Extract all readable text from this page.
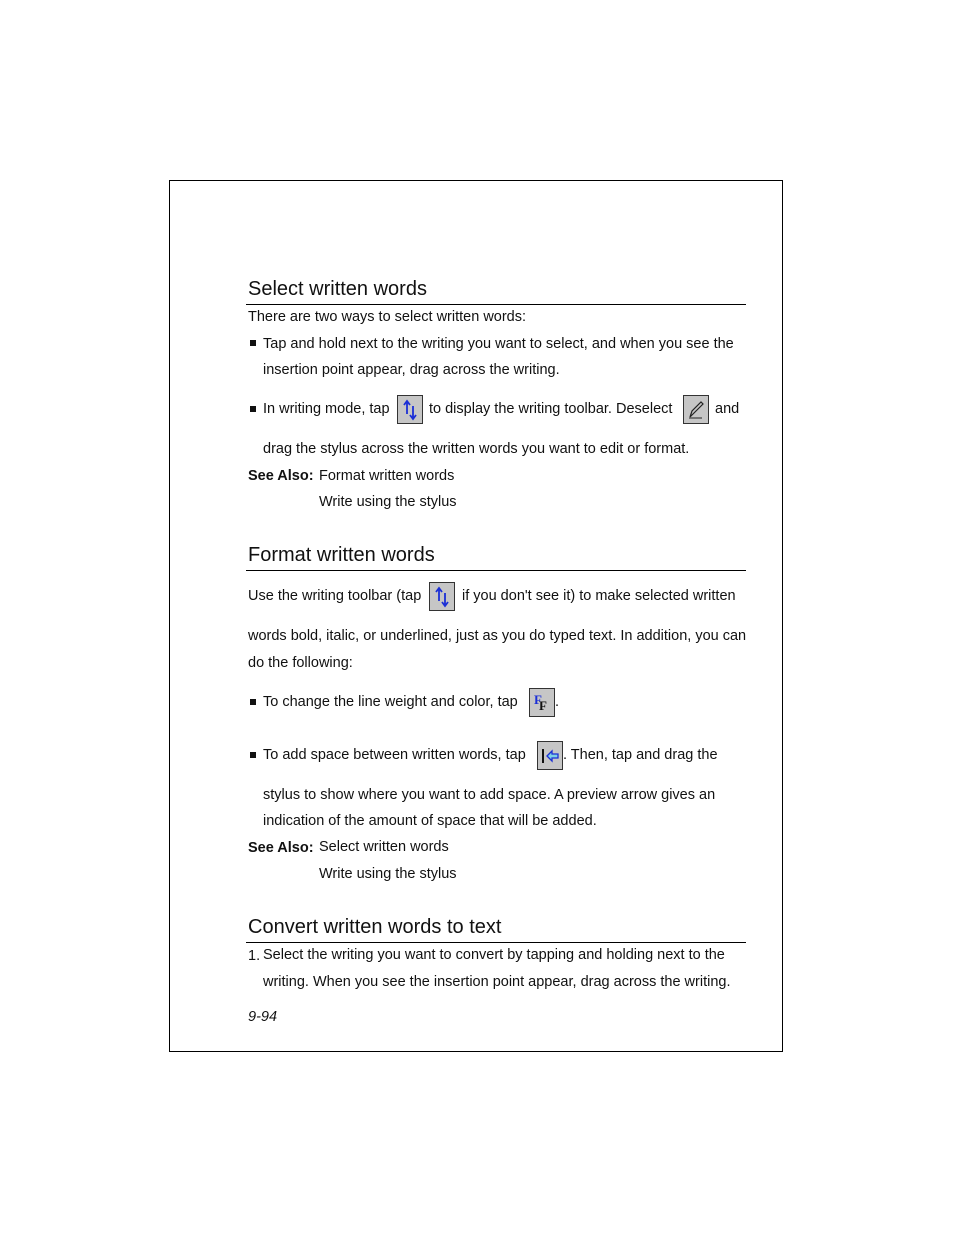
Select written words
There are two ways to select written words:
Tap and hold next to the writing you want to select, and when you see the
insertion point appear, drag across the writing.
In writing mode, tap	to display the writing toolbar. Deselect	and
drag the stylus across the written words you want to edit or format.
See Also: Format written words
Write using the stylus
Format written words
Use the writing toolbar (tap	if you don't see it) to make selected written
words bold, italic, or underlined, just as you do typed text. In addition, you can
do the following:
To change the line weight and color, tap F
F .
To add space between written words, tap	. Then, tap and drag the
stylus to show where you want to add space. A preview arrow gives an
indication of the amount of space that will be added.
See Also: Select written words
Write using the stylus
Convert written words to text
1. Select the writing you want to convert by tapping and holding next to the
writing. When you see the insertion point appear, drag across the writing.
9-94
